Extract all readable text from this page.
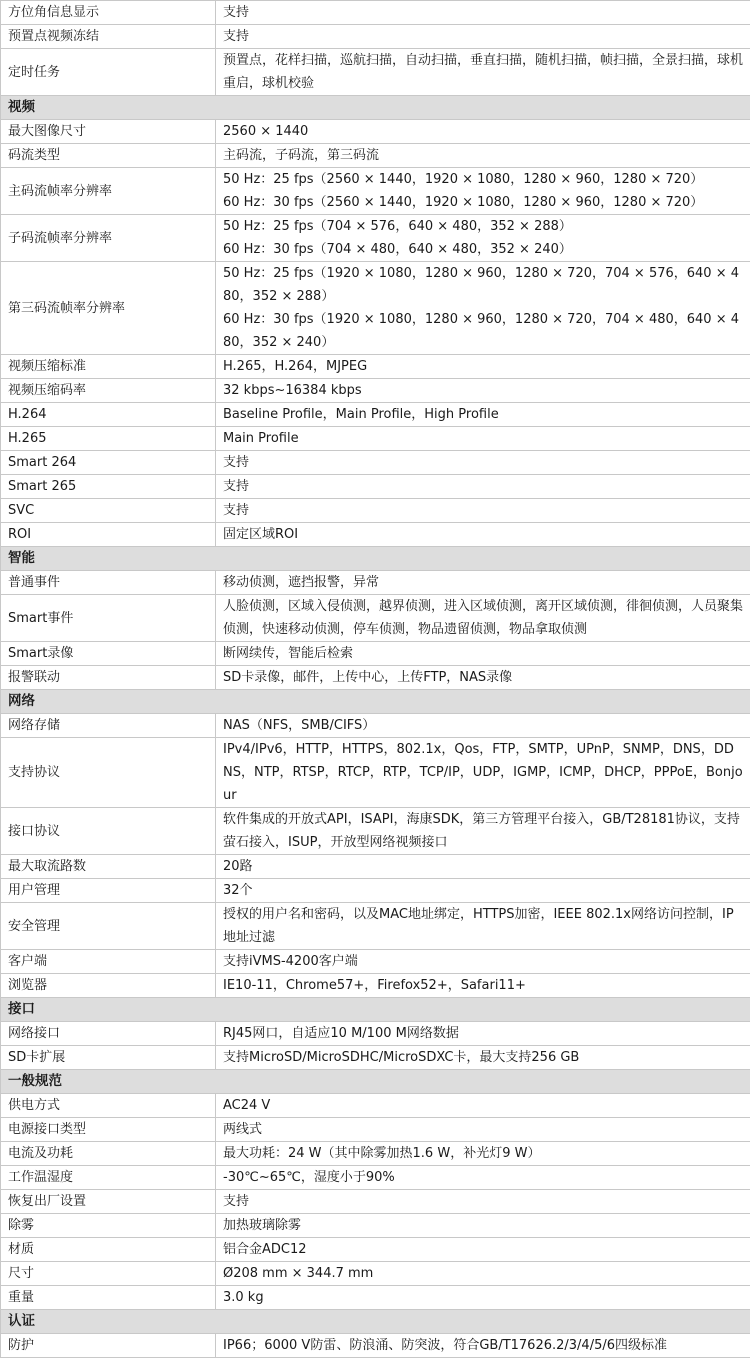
方位角信息显示	支持

预置点视频冻结	支持

定时任务	预置点，花样扫描，巡航扫描，自动扫描，垂直扫描，随机扫描，帧扫描，全景扫描，球机重启，球机校验

视频	
最大图像尺寸	2560 × 1440

码流类型	主码流，子码流，第三码流

主码流帧率分辨率	50 Hz：25 fps（2560 × 1440，1920 × 1080，1280 × 960，1280 × 720）
60 Hz：30 fps（2560 × 1440，1920 × 1080，1280 × 960，1280 × 720）

子码流帧率分辨率	50 Hz：25 fps（704 × 576，640 × 480，352 × 288）
60 Hz：30 fps（704 × 480，640 × 480，352 × 240）

第三码流帧率分辨率	50 Hz：25 fps（1920 × 1080，1280 × 960，1280 × 720，704 × 576，640 × 480，352 × 288）
60 Hz：30 fps（1920 × 1080，1280 × 960，1280 × 720，704 × 480，640 × 480，352 × 240）

视频压缩标准	H.265，H.264，MJPEG

视频压缩码率	32 kbps~16384 kbps

H.264	Baseline Profile，Main Profile，High Profile

H.265	Main Profile

Smart 264	支持

Smart 265	支持

SVC	支持

ROI	固定区域ROI

智能	
普通事件	移动侦测，遮挡报警，异常

Smart事件	人脸侦测，区域入侵侦测，越界侦测，进入区域侦测，离开区域侦测，徘徊侦测，人员聚集侦测，快速移动侦测，停车侦测，物品遗留侦测，物品拿取侦测

Smart录像	断网续传，智能后检索

报警联动	SD卡录像，邮件，上传中心，上传FTP，NAS录像

网络	
网络存储	NAS（NFS，SMB/CIFS）

支持协议	IPv4/IPv6，HTTP，HTTPS，802.1x，Qos，FTP，SMTP，UPnP，SNMP，DNS，DDNS，NTP，RTSP，RTCP，RTP，TCP/IP，UDP，IGMP，ICMP，DHCP，PPPoE，Bonjour

接口协议	软件集成的开放式API，ISAPI，海康SDK，第三方管理平台接入，GB/T28181协议，支持萤石接入，ISUP，开放型网络视频接口

最大取流路数	20路

用户管理	32个

安全管理	授权的用户名和密码，以及MAC地址绑定，HTTPS加密，IEEE 802.1x网络访问控制，IP地址过滤

客户端	支持iVMS-4200客户端

浏览器	IE10-11，Chrome57+，Firefox52+，Safari11+

接口	
网络接口	RJ45网口，自适应10 M/100 M网络数据

SD卡扩展	支持MicroSD/MicroSDHC/MicroSDXC卡，最大支持256 GB

一般规范	
供电方式	AC24 V

电源接口类型	两线式

电流及功耗	最大功耗：24 W（其中除雾加热1.6 W，补光灯9 W）

工作温湿度	-30℃~65℃，湿度小于90%

恢复出厂设置	支持

除雾	加热玻璃除雾

材质	铝合金ADC12

尺寸	Ø208 mm × 344.7 mm

重量	3.0 kg

认证	
防护	IP66；6000 V防雷、防浪涌、防突波，符合GB/T17626.2/3/4/5/6四级标准
